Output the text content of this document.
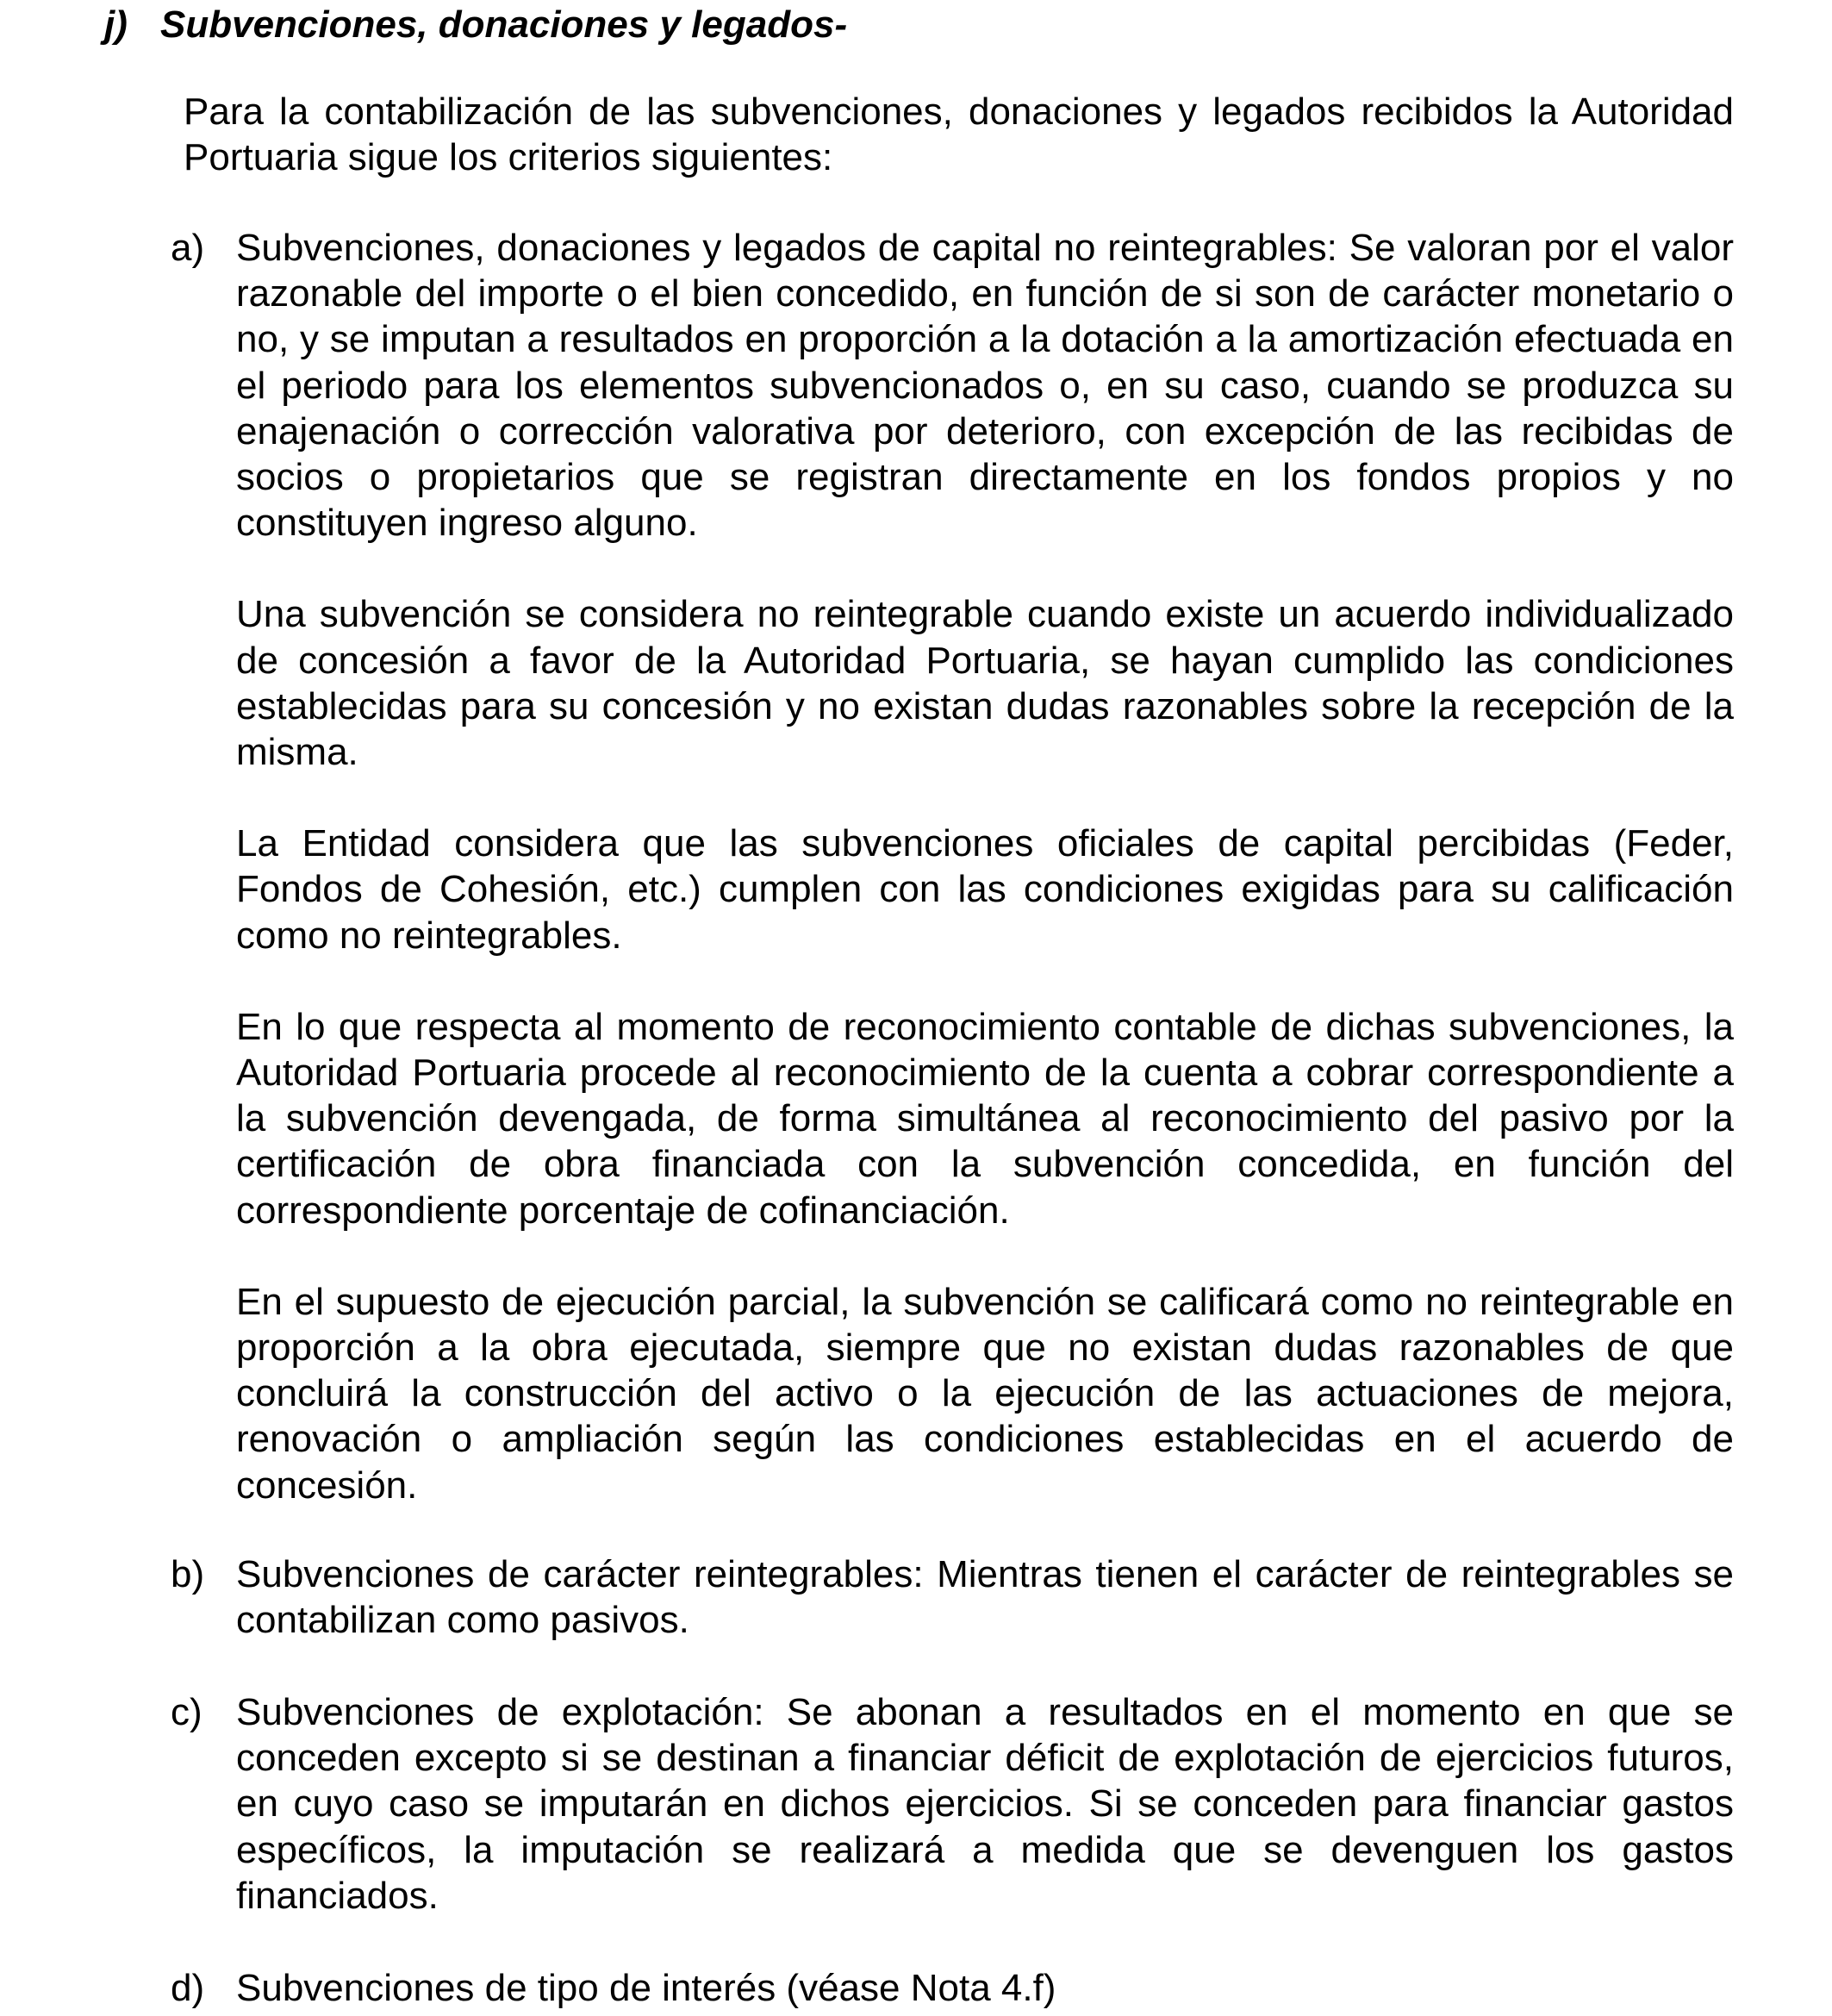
j) Subvenciones, donaciones y legados-

Para la contabilización de las subvenciones, donaciones y legados recibidos la Autoridad Portuaria sigue los criterios siguientes:

a) Subvenciones, donaciones y legados de capital no reintegrables: Se valoran por el valor razonable del importe o el bien concedido, en función de si son de carácter monetario o no, y se imputan a resultados en proporción a la dotación a la amortización efectuada en el periodo para los elementos subvencionados o, en su caso, cuando se produzca su enajenación o corrección valorativa por deterioro, con excepción de las recibidas de socios o propietarios que se registran directamente en los fondos propios y no constituyen ingreso alguno.

Una subvención se considera no reintegrable cuando existe un acuerdo individualizado de concesión a favor de la Autoridad Portuaria, se hayan cumplido las condiciones establecidas para su concesión y no existan dudas razonables sobre la recepción de la misma.

La Entidad considera que las subvenciones oficiales de capital percibidas (Feder, Fondos de Cohesión, etc.) cumplen con las condiciones exigidas para su calificación como no reintegrables.

En lo que respecta al momento de reconocimiento contable de dichas subvenciones, la Autoridad Portuaria procede al reconocimiento de la cuenta a cobrar correspondiente a la subvención devengada, de forma simultánea al reconocimiento del pasivo por la certificación de obra financiada con la subvención concedida, en función del correspondiente porcentaje de cofinanciación.

En el supuesto de ejecución parcial, la subvención se calificará como no reintegrable en proporción a la obra ejecutada, siempre que no existan dudas razonables de que concluirá la construcción del activo o la ejecución de las actuaciones de mejora, renovación o ampliación según las condiciones establecidas en el acuerdo de concesión.

b) Subvenciones de carácter reintegrables: Mientras tienen el carácter de reintegrables se contabilizan como pasivos.

c) Subvenciones de explotación: Se abonan a resultados en el momento en que se conceden excepto si se destinan a financiar déficit de explotación de ejercicios futuros, en cuyo caso se imputarán en dichos ejercicios. Si se conceden para financiar gastos específicos, la imputación se realizará a medida que se devenguen los gastos financiados.

d) Subvenciones de tipo de interés (véase Nota 4.f)
